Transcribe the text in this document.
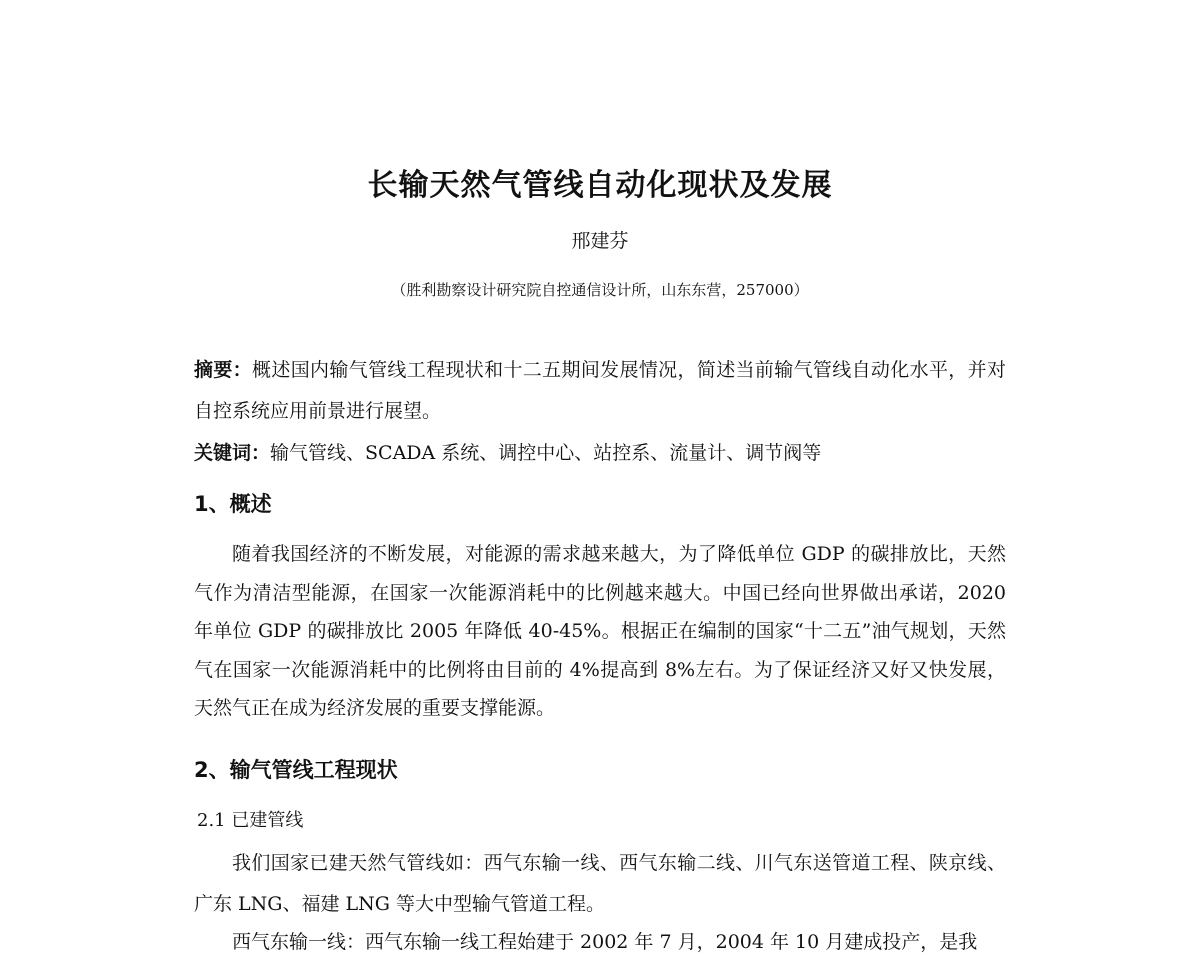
长输天然气管线自动化现状及发展
邢建芬
（胜利勘察设计研究院自控通信设计所，山东东营，257000）
摘要：概述国内输气管线工程现状和十二五期间发展情况，简述当前输气管线自动化水平，并对自控系统应用前景进行展望。
关键词：输气管线、SCADA 系统、调控中心、站控系、流量计、调节阀等
1、概述
随着我国经济的不断发展，对能源的需求越来越大，为了降低单位 GDP 的碳排放比，天然气作为清洁型能源，在国家一次能源消耗中的比例越来越大。中国已经向世界做出承诺，2020 年单位 GDP 的碳排放比 2005 年降低 40-45%。根据正在编制的国家“十二五”油气规划，天然气在国家一次能源消耗中的比例将由目前的 4%提高到 8%左右。为了保证经济又好又快发展，天然气正在成为经济发展的重要支撑能源。
2、输气管线工程现状
2.1 已建管线
我们国家已建天然气管线如：西气东输一线、西气东输二线、川气东送管道工程、陕京线、广东 LNG、福建 LNG 等大中型输气管道工程。
西气东输一线：西气东输一线工程始建于 2002 年 7 月，2004 年 10 月建成投产，是我
